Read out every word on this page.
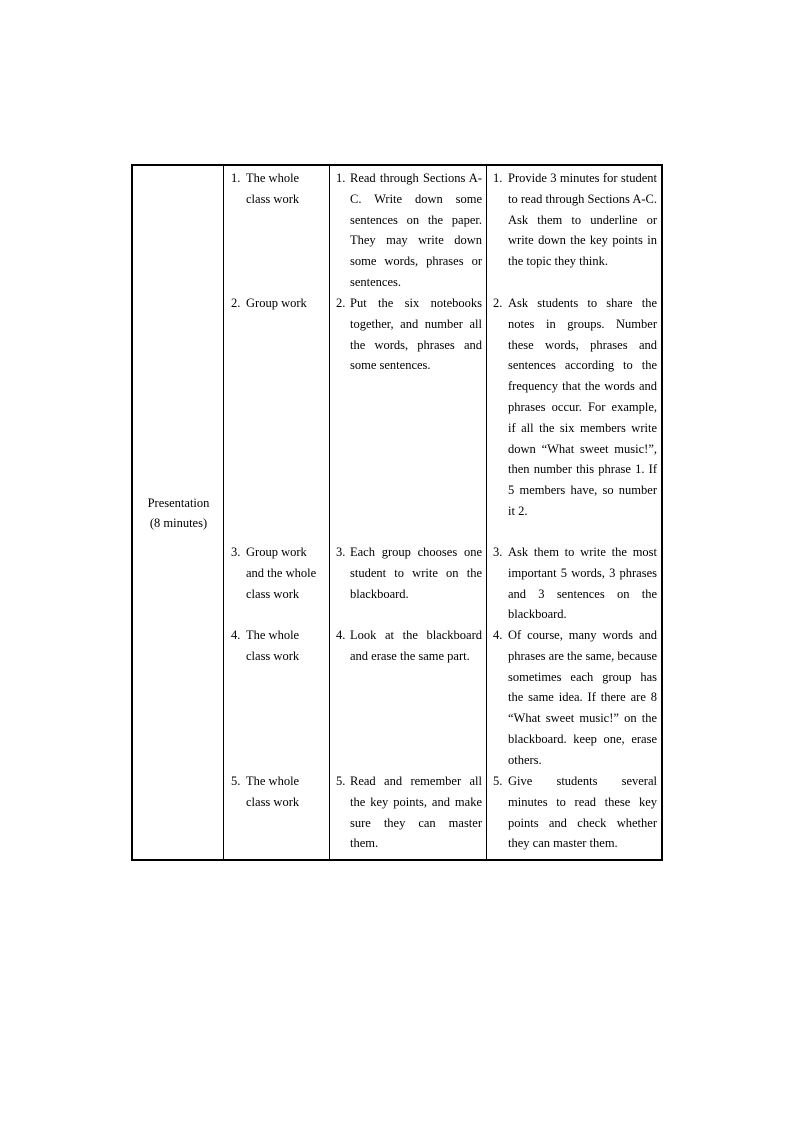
Presentation
(8 minutes)
1. The whole class work
1. Read through Sections A-C. Write down some sentences on the paper. They may write down some words, phrases or sentences.
1. Provide 3 minutes for student to read through Sections A-C. Ask them to underline or write down the key points in the topic they think.
2. Group work	2. Put the six notebooks together, and number all the words, phrases and some sentences.
2. Ask students to share the notes in groups. Number these words, phrases and sentences according to the frequency that the words and phrases occur. For example, if all the six members write down “What sweet music!”, then number this phrase 1. If 5 members have, so number it 2.
3. Group work and the whole class work
3. Each group chooses one student to write on the blackboard.
3. Ask them to write the most important 5 words, 3 phrases and 3 sentences on the blackboard.
4. The whole class work
4. Look at the blackboard and erase the same part.
4. Of course, many words and phrases are the same, because sometimes each group has the same idea. If there are 8 “What sweet music!” on the blackboard. keep one, erase others.
5. The whole class work
5. Read and remember all the key points, and make sure they can master them.
5. Give students several minutes to read these key points and check whether they can master them.
